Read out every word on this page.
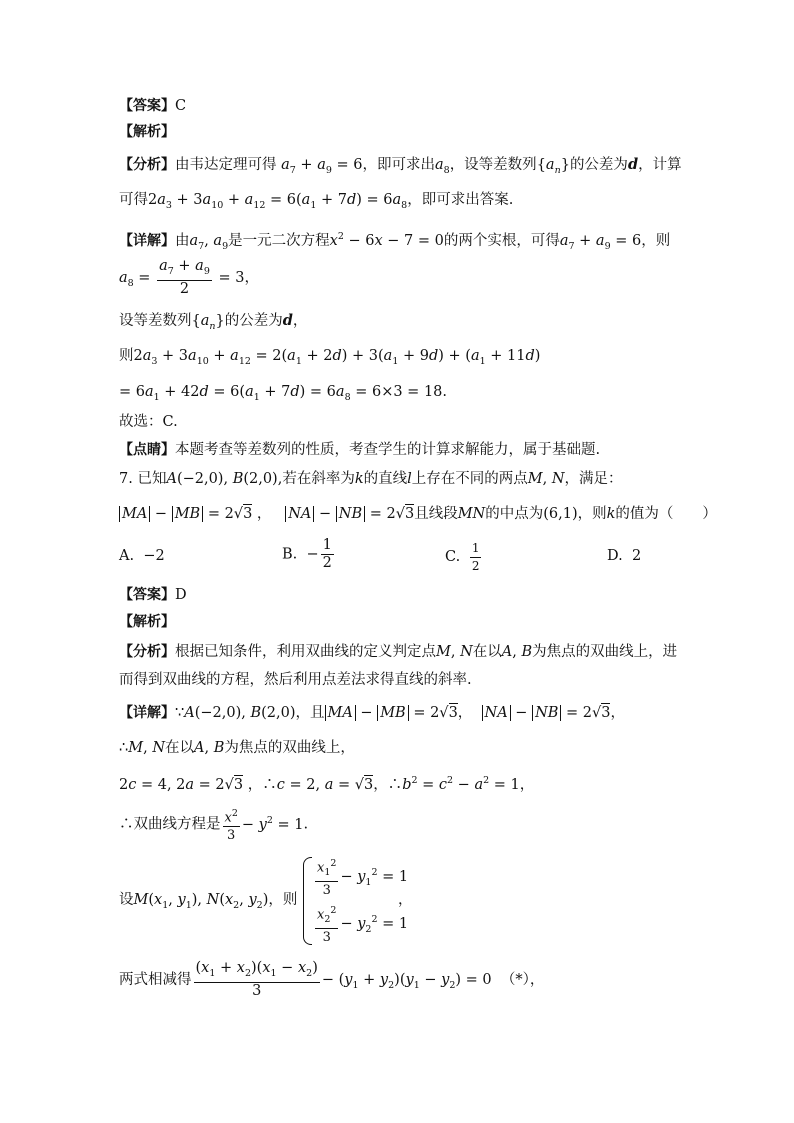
【答案】C
【解析】
【分析】由韦达定理可得 $a_7 + a_9 = 6$，即可求出$a_8$，设等差数列$\{a_n\}$的公差为d，计算
可得$2a_3 + 3a_{10} + a_{12} = 6(a_1 + 7d) = 6a_8$，即可求出答案.
【详解】由$a_7$, $a_9$是一元二次方程$x^2 - 6x - 7 = 0$的两个实根，可得$a_7 + a_9 = 6$，则
$a_8 = \frac{a_7 + a_9}{2} = 3$，
设等差数列$\{a_n\}$的公差为d，
则$2a_3 + 3a_{10} + a_{12} = 2(a_1 + 2d) + 3(a_1 + 9d) + (a_1 + 11d)$
= $6a_1 + 42d = 6(a_1 + 7d) = 6a_8 = 6\times 3 = 18$.
故选：C.
【点睛】本题考查等差数列的性质，考查学生的计算求解能力，属于基础题.
7. 已知A(−2,0), B(2,0),若在斜率为k的直线l上存在不同的两点M, N，满足：
MA − MB = 2√3 ，   NA − NB = 2√3且线段MN的中点为(6,1)，则k的值为（　　）
A. −2	B. − $\frac{1}{2}$	C. $\frac{1}{2}$	D. 2
【答案】D
【解析】
【分析】根据已知条件，利用双曲线的定义判定点M, N在以A, B为焦点的双曲线上，进
而得到双曲线的方程，然后利用点差法求得直线的斜率.
【详解】∵A(−2,0), B(2,0)，且 MA − MB = 2√3， NA − NB = 2√3，
∴M, N在以A, B为焦点的双曲线上，
2c = 4, 2a = 2√3 ，∴c = 2, a = √3，$\therefore b^2 = c^2 - a^2 = 1$，
∴双曲线方程是 $\frac{x^2}{3} - y^2 = 1$.
设$M(x_1$, $y_1$), $N(x_2$, $y_2$)，则
$\frac{x_1^2}{3} - y_1^2 = 1$
$\frac{x_2^2}{3} - y_2^2 = 1$
，
两式相减得 $\frac{(x_1 + x_2)(x_1 - x_2)}{3} - (y_1 + y_2)(y_1 - y_2) = 0$ （*），
